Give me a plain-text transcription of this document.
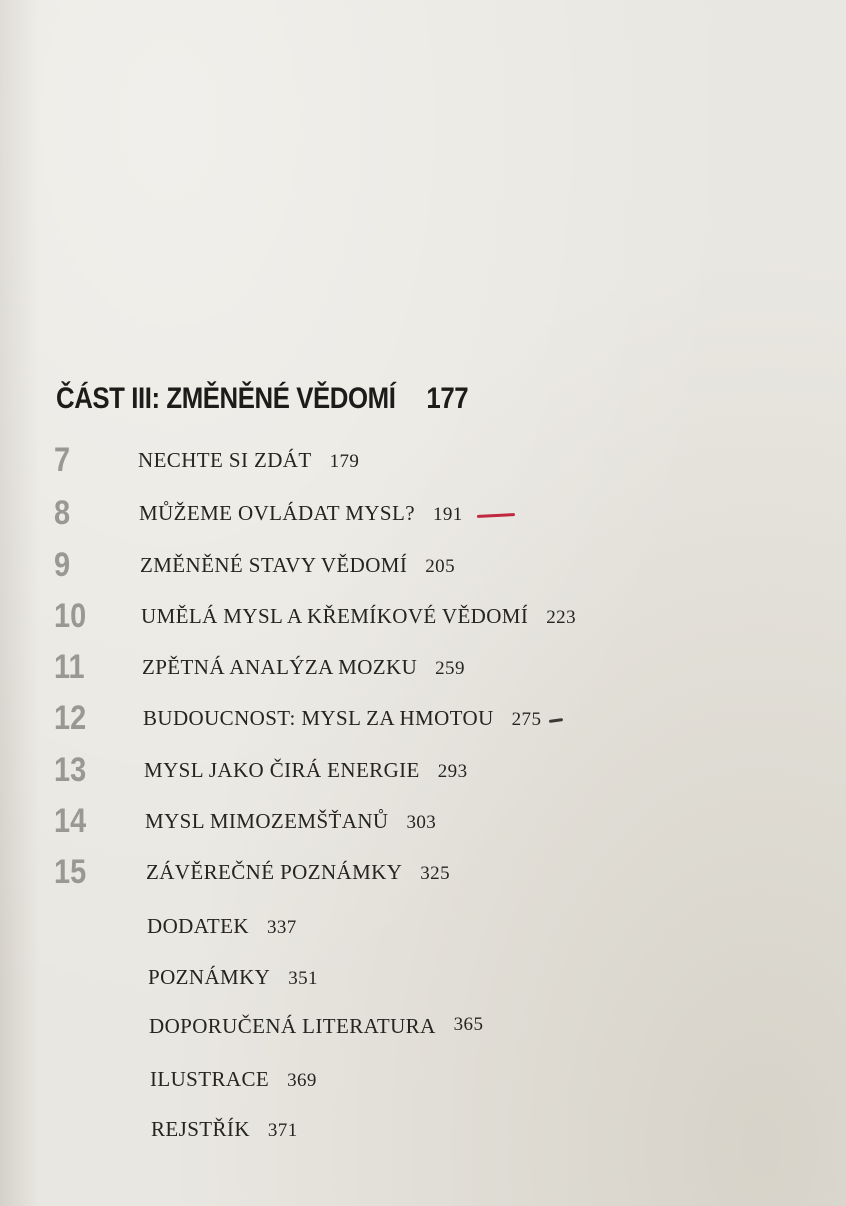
ČÁST III: ZMĚNĚNÉ VĚDOMÍ 177
7	NECHTE SI ZDÁT 179
8	MŮŽEME OVLÁDAT MYSL? 191
9	ZMĚNĚNÉ STAVY VĚDOMÍ 205
10	UMĚLÁ MYSL A KŘEMÍKOVÉ VĚDOMÍ 223
11	ZPĚTNÁ ANALÝZA MOZKU 259
12	BUDOUCNOST: MYSL ZA HMOTOU 275
13	MYSL JAKO ČIRÁ ENERGIE 293
14	MYSL MIMOZEMŠŤANŮ 303
15	ZÁVĚREČNÉ POZNÁMKY 325
DODATEK 337
POZNÁMKY 351
DOPORUČENÁ LITERATURA 365
ILUSTRACE 369
REJSTŘÍK 371
